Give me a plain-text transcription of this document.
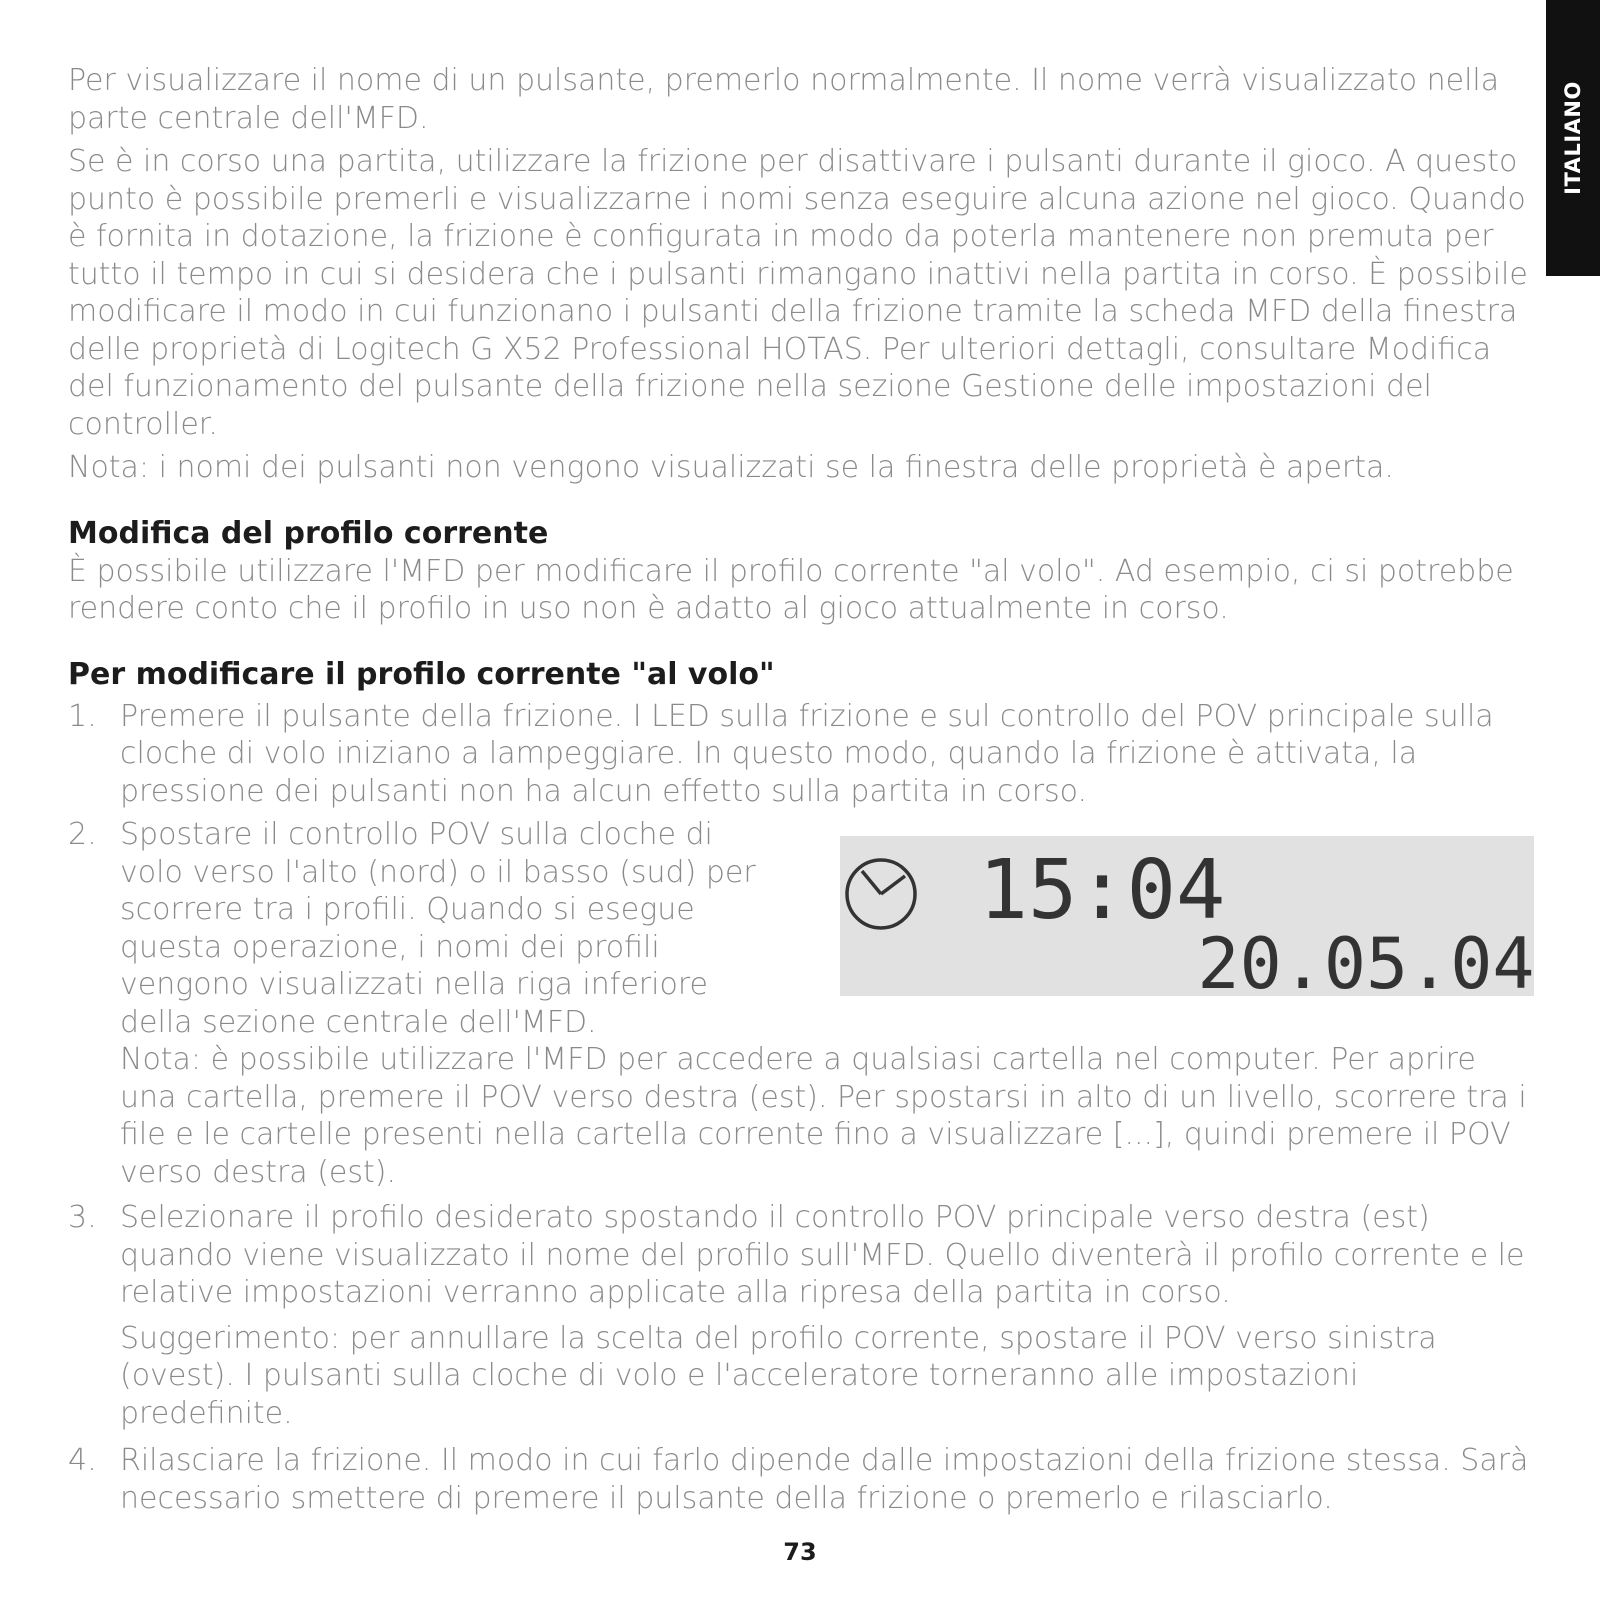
ITALIANO

Per visualizzare il nome di un pulsante, premerlo normalmente. Il nome verrà visualizzato nella parte centrale dell'MFD.

Se è in corso una partita, utilizzare la frizione per disattivare i pulsanti durante il gioco. A questo punto è possibile premerli e visualizzarne i nomi senza eseguire alcuna azione nel gioco. Quando è fornita in dotazione, la frizione è configurata in modo da poterla mantenere non premuta per tutto il tempo in cui si desidera che i pulsanti rimangano inattivi nella partita in corso. È possibile modificare il modo in cui funzionano i pulsanti della frizione tramite la scheda MFD della finestra delle proprietà di Logitech G X52 Professional HOTAS. Per ulteriori dettagli, consultare Modifica del funzionamento del pulsante della frizione nella sezione Gestione delle impostazioni del controller.

Nota: i nomi dei pulsanti non vengono visualizzati se la finestra delle proprietà è aperta.

Modifica del profilo corrente

È possibile utilizzare l'MFD per modificare il profilo corrente "al volo". Ad esempio, ci si potrebbe rendere conto che il profilo in uso non è adatto al gioco attualmente in corso.

Per modificare il profilo corrente "al volo"
1. Premere il pulsante della frizione. I LED sulla frizione e sul controllo del POV principale sulla cloche di volo iniziano a lampeggiare. In questo modo, quando la frizione è attivata, la pressione dei pulsanti non ha alcun effetto sulla partita in corso.

2. Spostare il controllo POV sulla cloche di volo verso l'alto (nord) o il basso (sud) per scorrere tra i profili. Quando si esegue questa operazione, i nomi dei profili vengono visualizzati nella riga inferiore della sezione centrale dell'MFD.

Nota: è possibile utilizzare l'MFD per accedere a qualsiasi cartella nel computer. Per aprire una cartella, premere il POV verso destra (est). Per spostarsi in alto di un livello, scorrere tra i file e le cartelle presenti nella cartella corrente fino a visualizzare [...], quindi premere il POV verso destra (est).

3. Selezionare il profilo desiderato spostando il controllo POV principale verso destra (est) quando viene visualizzato il nome del profilo sull'MFD. Quello diventerà il profilo corrente e le relative impostazioni verranno applicate alla ripresa della partita in corso.

Suggerimento: per annullare la scelta del profilo corrente, spostare il POV verso sinistra (ovest). I pulsanti sulla cloche di volo e l'acceleratore torneranno alle impostazioni predefinite.

4. Rilasciare la frizione. Il modo in cui farlo dipende dalle impostazioni della frizione stessa. Sarà necessario smettere di premere il pulsante della frizione o premerlo e rilasciarlo.

15:04
20.05.04
73
